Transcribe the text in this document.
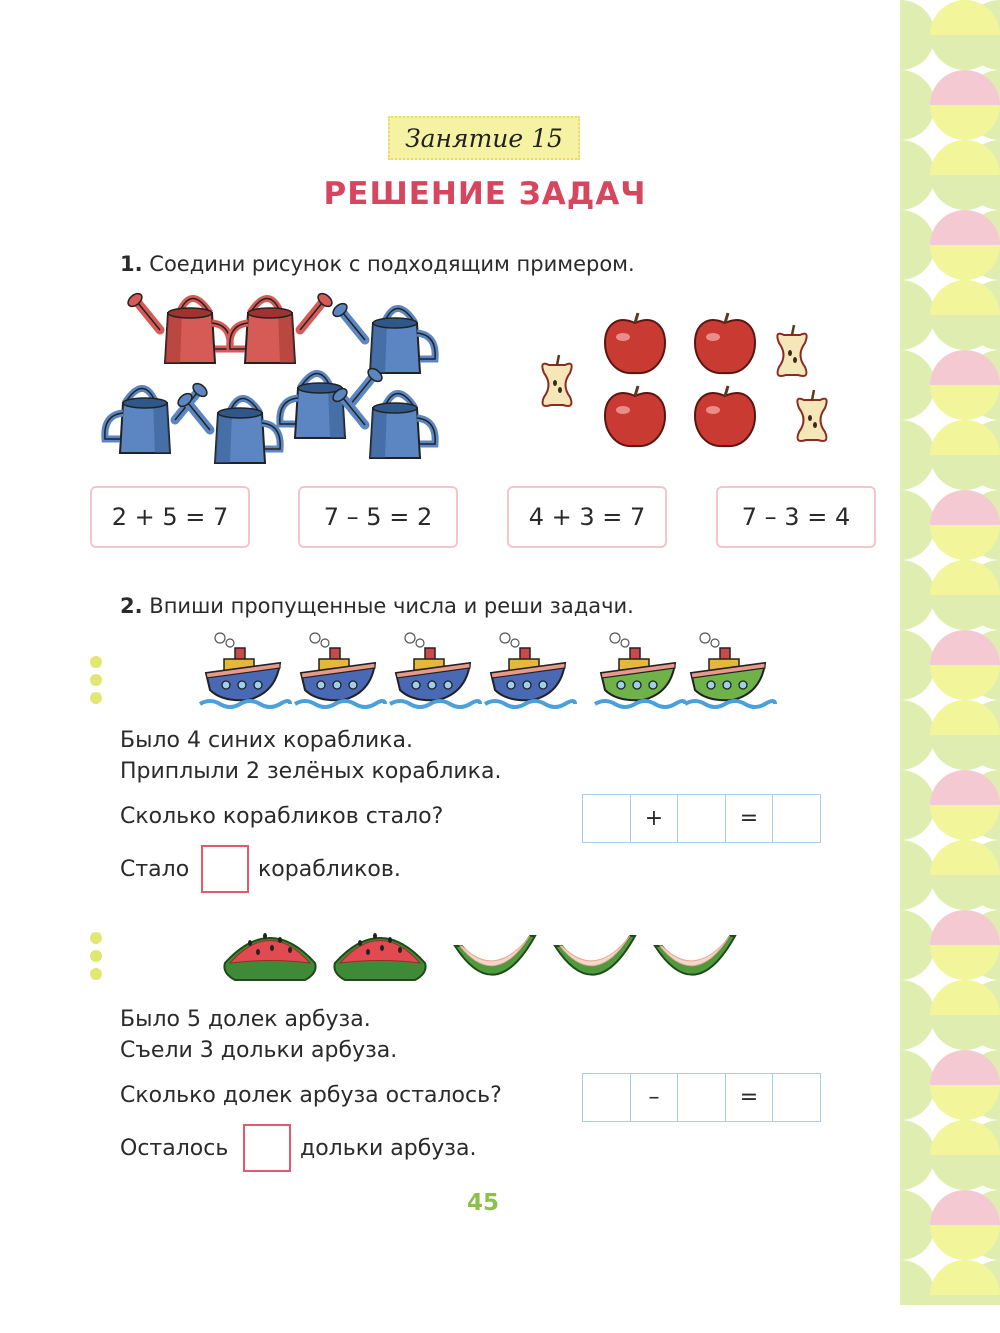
Занятие 15
РЕШЕНИЕ ЗАДАЧ
1. Соедини рисунок с подходящим примером.
2 + 5 = 7	7 – 5 = 2	4 + 3 = 7	7 – 3 = 4
2. Впиши пропущенные числа и реши задачи.
Было 4 синих кораблика.
Приплыли 2 зелёных кораблика.
Сколько корабликов стало?	+	=
Стало	корабликов.
Было 5 долек арбуза.
Съели 3 дольки арбуза.
Сколько долек арбуза осталось?	–	=
Осталось	дольки арбуза.
45
